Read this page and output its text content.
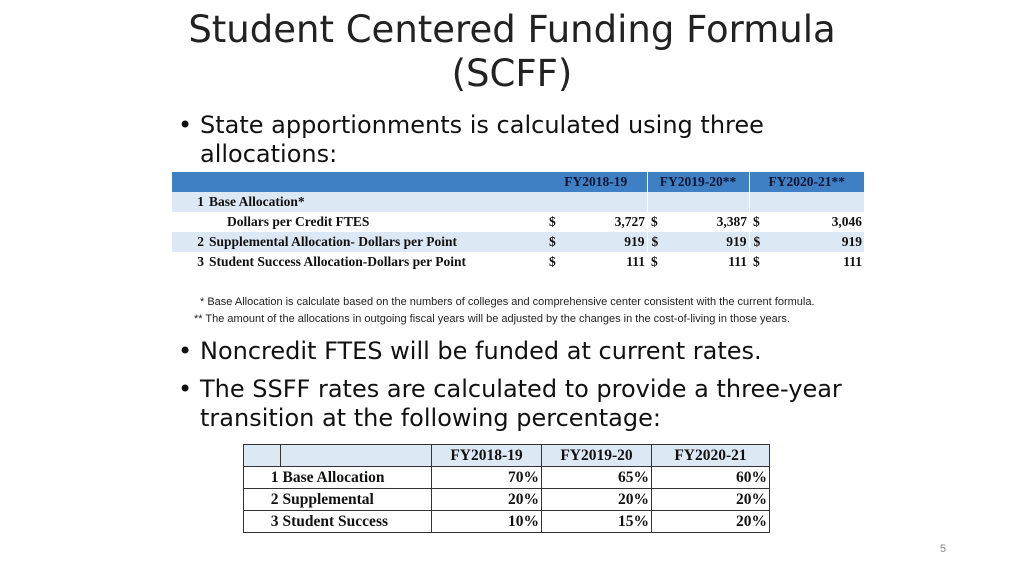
Student Centered Funding Formula
(SCFF)
• State apportionments is calculated using three
allocations:
		FY2018-19		FY2019-20**		FY2020-21**	
1	Base Allocation*						
	Dollars per Credit FTES	$	3,727	$	3,387	$	3,046
2	Supplemental Allocation- Dollars per Point	$	919	$	919	$	919
3	Student Success Allocation-Dollars per Point	$	111	$	111	$	111
* Base Allocation is calculate based on the numbers of colleges and comprehensive center consistent with the current formula.
** The amount of the allocations in outgoing fiscal years will be adjusted by the changes in the cost-of-living in those years.
• Noncredit FTES will be funded at current rates.
• The SSFF rates are calculated to provide a three-year
transition at the following percentage:
		FY2018-19	FY2019-20	FY2020-21
1	Base Allocation	70%	65%	60%
2	Supplemental	20%	20%	20%
3	Student Success	10%	15%	20%
5
